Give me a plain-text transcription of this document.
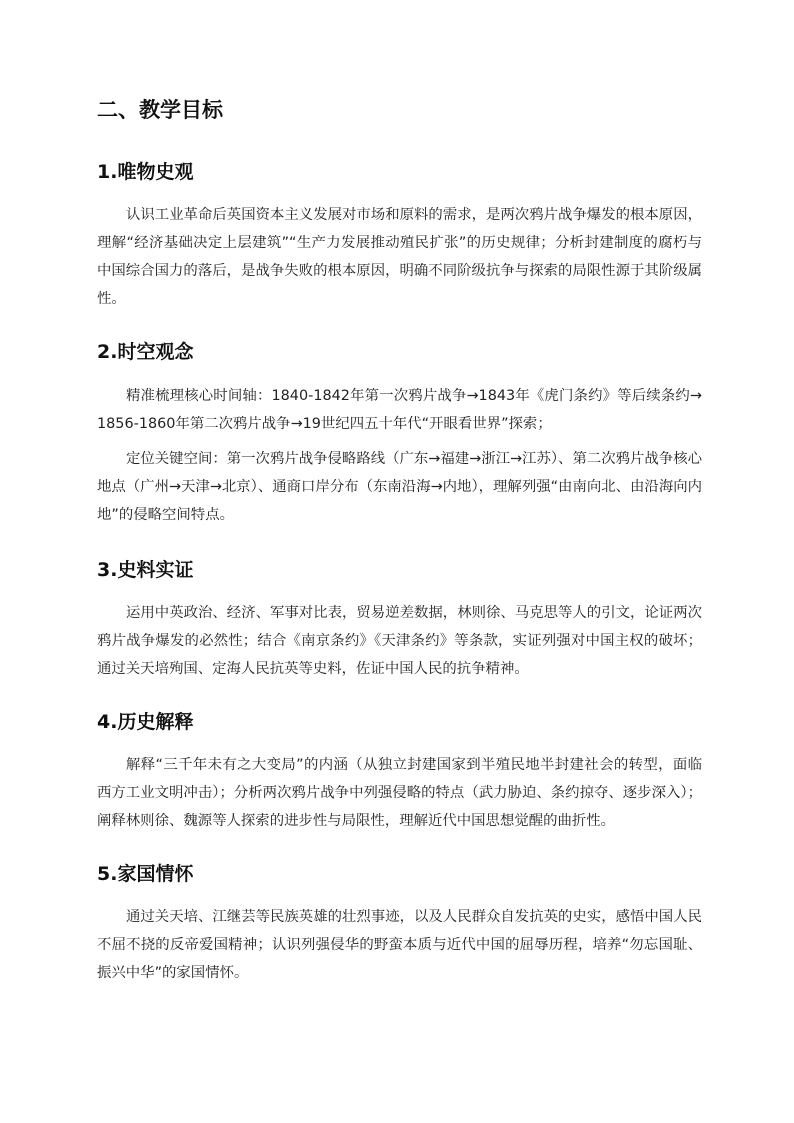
二、教学目标
1.唯物史观

认识工业革命后英国资本主义发展对市场和原料的需求，是两次鸦片战争爆发的根本原因，理解“经济基础决定上层建筑”“生产力发展推动殖民扩张”的历史规律；分析封建制度的腐朽与中国综合国力的落后，是战争失败的根本原因，明确不同阶级抗争与探索的局限性源于其阶级属性。

2.时空观念

精准梳理核心时间轴：1840-1842年第一次鸦片战争→1843年《虎门条约》等后续条约→1856-1860年第二次鸦片战争→19世纪四五十年代“开眼看世界”探索；

定位关键空间：第一次鸦片战争侵略路线（广东→福建→浙江→江苏）、第二次鸦片战争核心地点（广州→天津→北京）、通商口岸分布（东南沿海→内地），理解列强“由南向北、由沿海向内地”的侵略空间特点。

3.史料实证

运用中英政治、经济、军事对比表，贸易逆差数据，林则徐、马克思等人的引文，论证两次鸦片战争爆发的必然性；结合《南京条约》《天津条约》等条款，实证列强对中国主权的破坏；通过关天培殉国、定海人民抗英等史料，佐证中国人民的抗争精神。

4.历史解释

解释“三千年未有之大变局”的内涵（从独立封建国家到半殖民地半封建社会的转型，面临西方工业文明冲击）；分析两次鸦片战争中列强侵略的特点（武力胁迫、条约掠夺、逐步深入）；阐释林则徐、魏源等人探索的进步性与局限性，理解近代中国思想觉醒的曲折性。

5.家国情怀

通过关天培、江继芸等民族英雄的壮烈事迹，以及人民群众自发抗英的史实，感悟中国人民不屈不挠的反帝爱国精神；认识列强侵华的野蛮本质与近代中国的屈辱历程，培养“勿忘国耻、振兴中华”的家国情怀。
